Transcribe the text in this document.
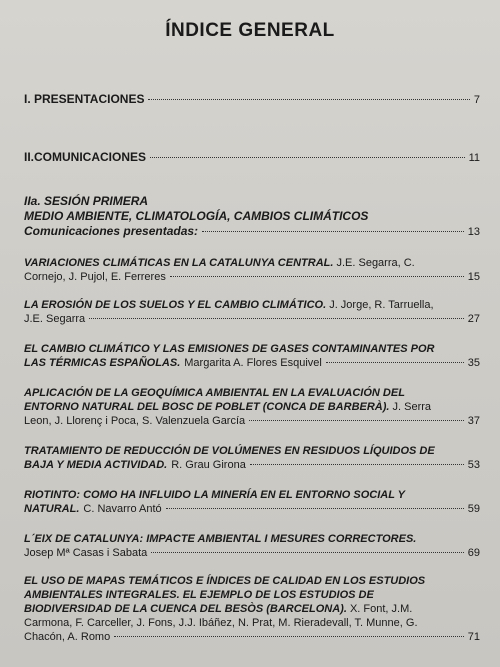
ÍNDICE GENERAL
I. PRESENTACIONES	7
II.COMUNICACIONES	11
IIa. SESIÓN PRIMERA
MEDIO AMBIENTE, CLIMATOLOGÍA, CAMBIOS CLIMÁTICOS
Comunicaciones presentadas:	13
VARIACIONES CLIMÁTICAS EN LA CATALUNYA CENTRAL. J.E. Segarra, C.
Cornejo, J. Pujol, E. Ferreres	15
LA EROSIÓN DE LOS SUELOS Y EL CAMBIO CLIMÁTICO. J. Jorge, R. Tarruella,
J.E. Segarra	27
EL CAMBIO CLIMÁTICO Y LAS EMISIONES DE GASES CONTAMINANTES POR
LAS TÉRMICAS ESPAÑOLAS. Margarita A. Flores Esquivel	35
APLICACIÓN DE LA GEOQUÍMICA AMBIENTAL EN LA EVALUACIÓN DEL
ENTORNO NATURAL DEL BOSC DE POBLET (CONCA DE BARBERÀ). J. Serra
Leon, J. Llorenç i Poca, S. Valenzuela García	37
TRATAMIENTO DE REDUCCIÓN DE VOLÚMENES EN RESIDUOS LÍQUIDOS DE
BAJA Y MEDIA ACTIVIDAD. R. Grau Girona	53
RIOTINTO: COMO HA INFLUIDO LA MINERÍA EN EL ENTORNO SOCIAL Y
NATURAL. C. Navarro Antó	59
L´EIX DE CATALUNYA: IMPACTE AMBIENTAL I MESURES CORRECTORES.
Josep Mª Casas i Sabata	69
EL USO DE MAPAS TEMÁTICOS E ÍNDICES DE CALIDAD EN LOS ESTUDIOS
AMBIENTALES INTEGRALES. EL EJEMPLO DE LOS ESTUDIOS DE
BIODIVERSIDAD DE LA CUENCA DEL BESÒS (BARCELONA). X. Font, J.M.
Carmona, F. Carceller, J. Fons, J.J. Ibáñez, N. Prat, M. Rieradevall, T. Munne, G.
Chacón, A. Romo	71
